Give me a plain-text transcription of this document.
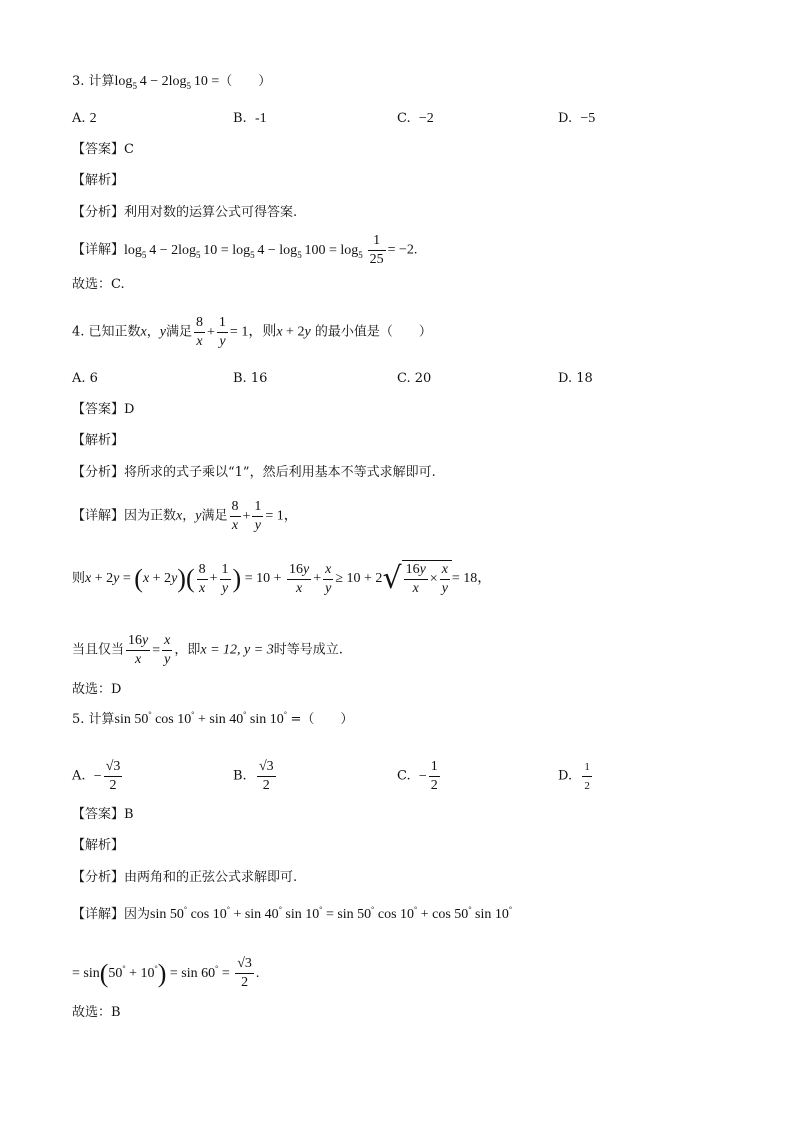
3. 计算$\log_5 4 - 2\log_5$ 10 =（　　）
A. 2	B. -1	C. −2	D. −5
【答案】C
【解析】
【分析】利用对数的运算公式可得答案.
【详解】$\log_5 4 - 2\log_5$ $10 = \log_5 4 - \log_5 100 = \log_5 \frac{1}{25} = -2$.
故选：C.
4. 已知正数x，y满足 $\frac{8}{x} + \frac{1}{y} = 1$，则x + 2y 的最小值是（　　）
A. 6	B. 16	C. 20	D. 18
【答案】D
【解析】
【分析】将所求的式子乘以“1”，然后利用基本不等式求解即可.
【详解】因为正数x，y满足 $\frac{8}{x} + \frac{1}{y} = 1$，
则$x + 2y = (x + 2y)( \frac{8}{x} + \frac{1}{y}$ ) = $10 + \frac{16y}{x} + \frac{x}{y} \ge 10 + 2√ \frac{16y}{x} \times \frac{x}{y} = 18$，
当且仅当 $\frac{16y}{x} = \frac{x}{y}$ ，即x = 12, y = 3时等号成立.
故选：D
5. 计算sin 50° cos 10° + sin 40° sin 10° =（　　）
A. − $\frac{√3}{2}$	B. $\frac{√3}{2}$	C. − $\frac{1}{2}$	D. $\frac{1}{2}$
【答案】B
【解析】
【分析】由两角和的正弦公式求解即可.
【详解】因为sin 50° cos 10° + sin 40° sin 10° = sin 50° cos 10° + cos 50° sin 10°
= $\sin(50^\circ + 10^\circ) = \sin 60^\circ = \frac{√3}{2}$ .
故选：B
